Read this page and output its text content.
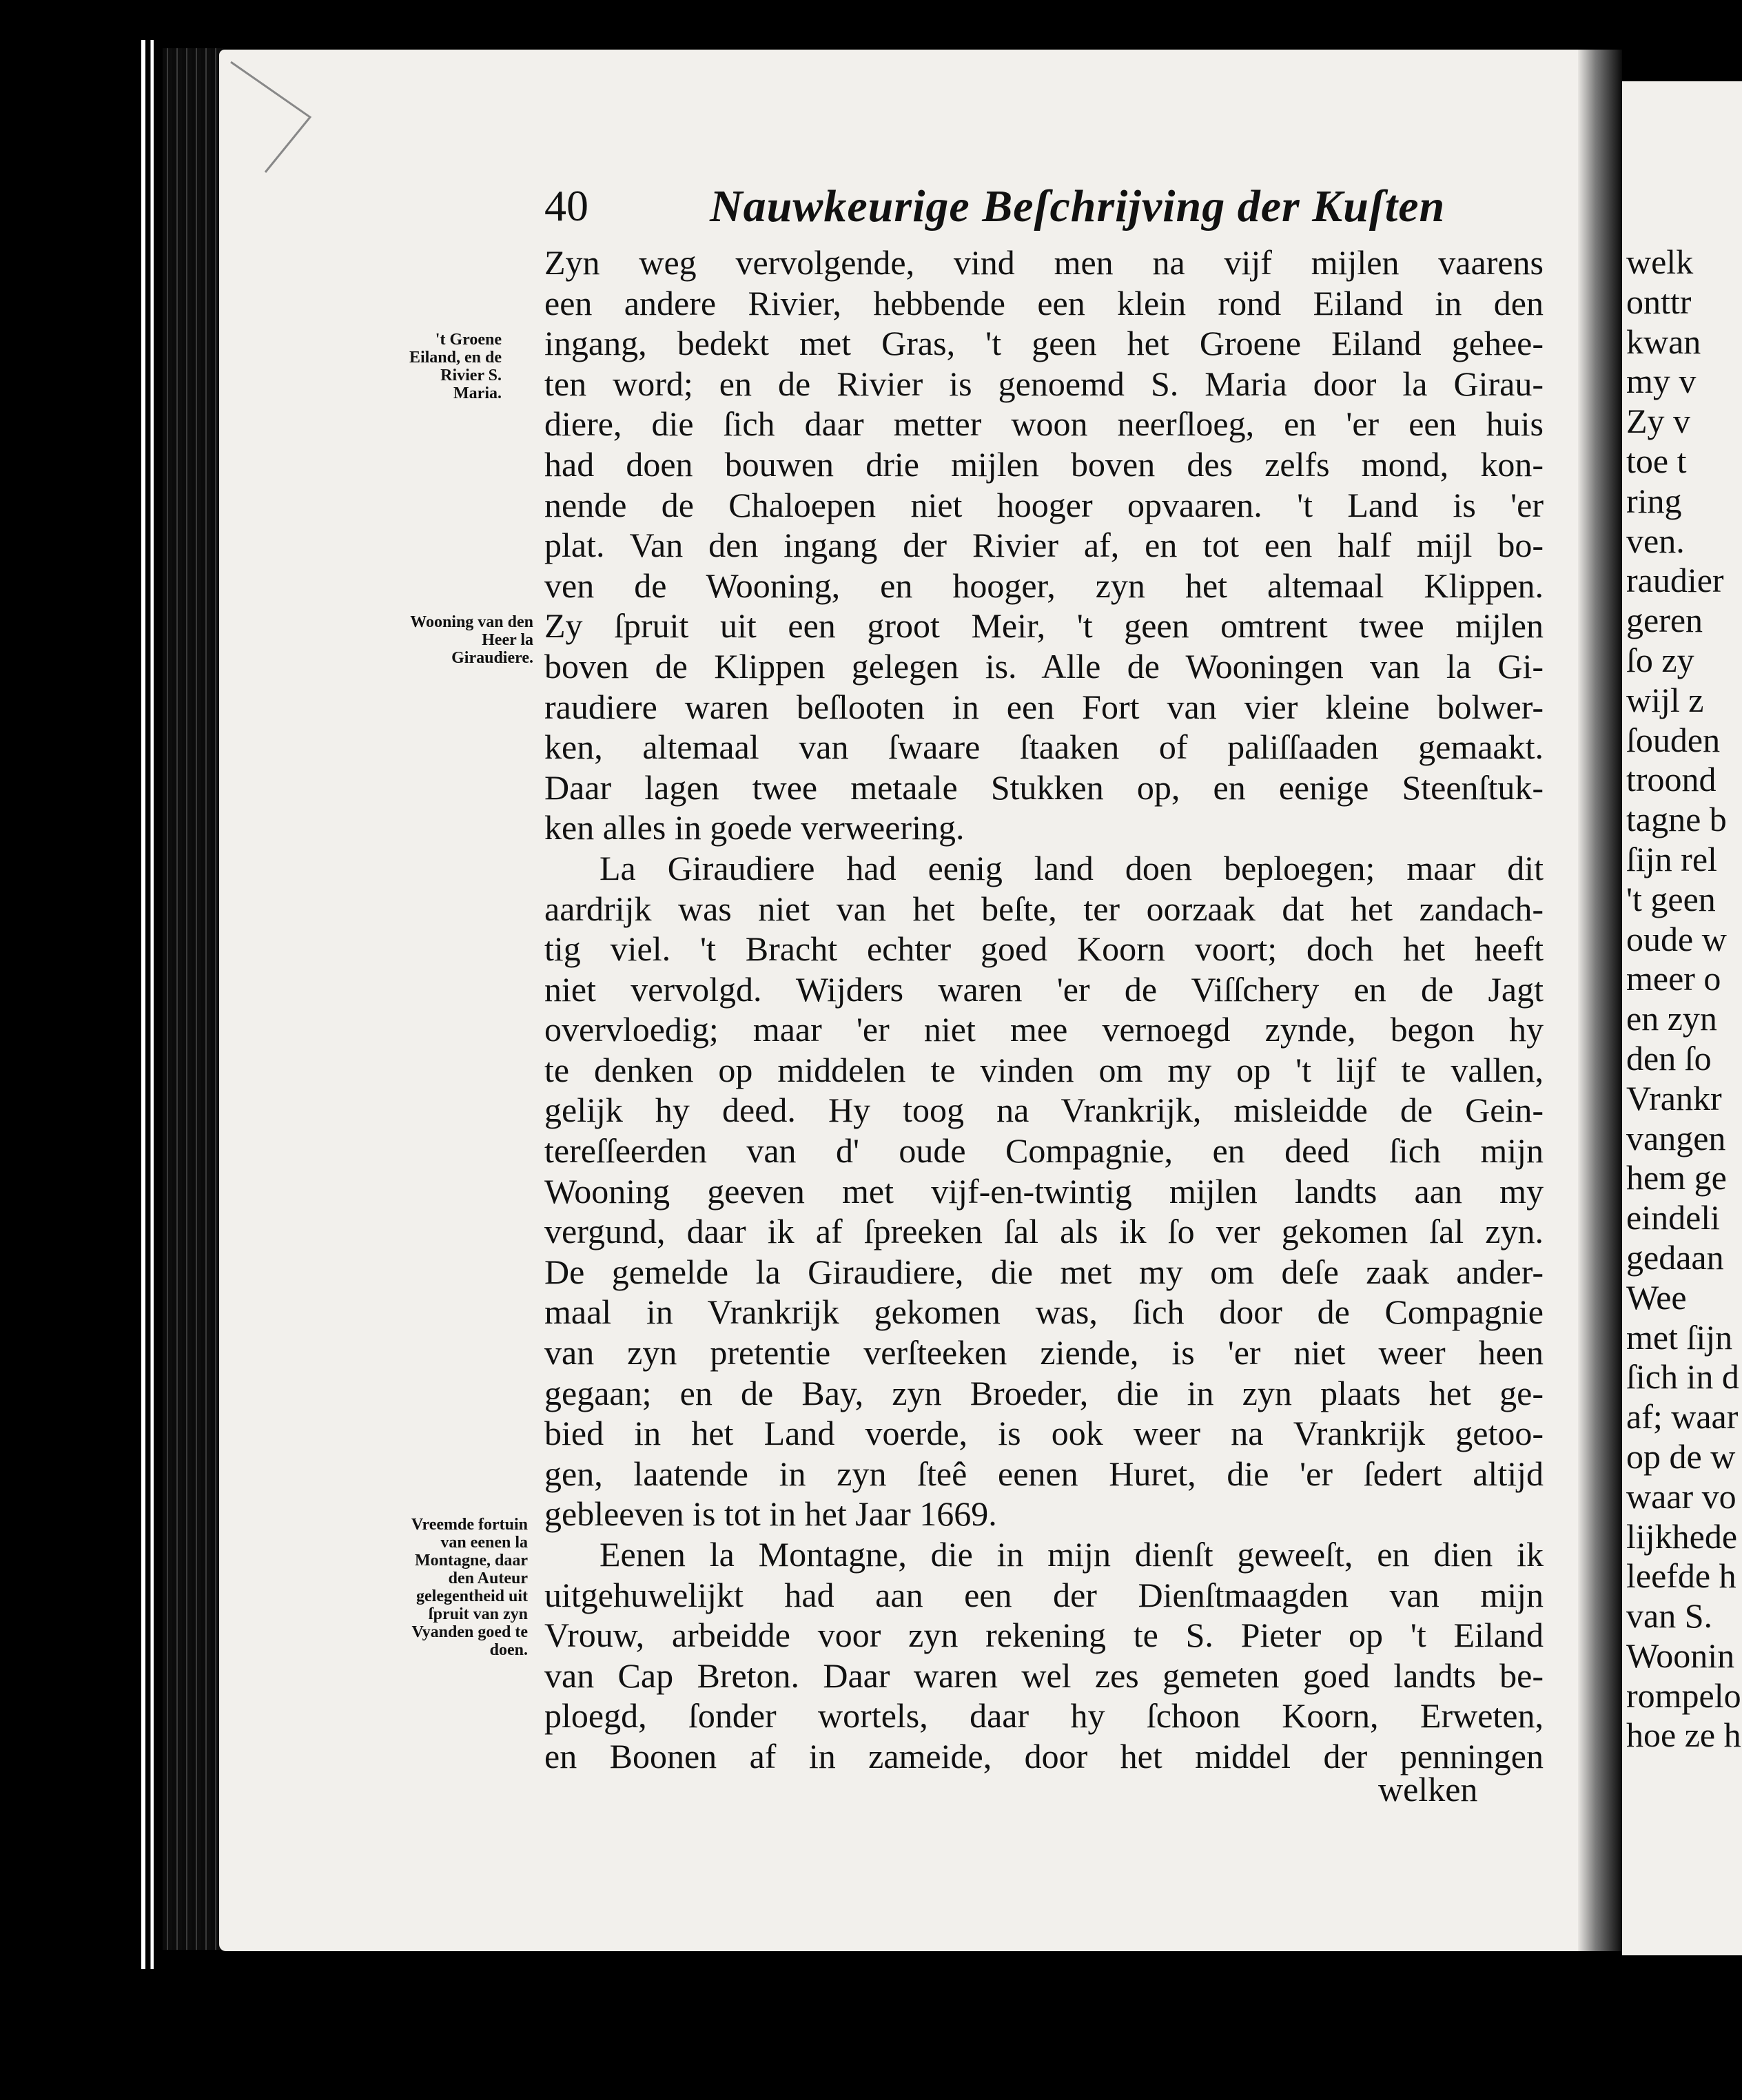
40	Nauwkeurige Beſchrijving der Kuſten
't Groene Eiland, en de Rivier S. Maria.
Wooning van den Heer la Giraudiere.
Vreemde fortuin van eenen la Montagne, daar den Auteur gelegentheid uit ſpruit van zyn Vyanden goed te doen.
Zyn weg vervolgende, vind men na vijf mijlen vaarens
een andere Rivier, hebbende een klein rond Eiland in den
ingang, bedekt met Gras, 't geen het Groene Eiland gehee-
ten word; en de Rivier is genoemd S. Maria door la Girau-
diere, die ſich daar metter woon neerſloeg, en 'er een huis
had doen bouwen drie mijlen boven des zelfs mond, kon-
nende de Chaloepen niet hooger opvaaren. 't Land is 'er
plat. Van den ingang der Rivier af, en tot een half mijl bo-
ven de Wooning, en hooger, zyn het altemaal Klippen.
Zy ſpruit uit een groot Meir, 't geen omtrent twee mijlen
boven de Klippen gelegen is. Alle de Wooningen van la Gi-
raudiere waren beſlooten in een Fort van vier kleine bolwer-
ken, altemaal van ſwaare ſtaaken of paliſſaaden gemaakt.
Daar lagen twee metaale Stukken op, en eenige Steenſtuk-
ken alles in goede verweering.
La Giraudiere had eenig land doen beploegen; maar dit
aardrijk was niet van het beſte, ter oorzaak dat het zandach-
tig viel. 't Bracht echter goed Koorn voort; doch het heeft
niet vervolgd. Wijders waren 'er de Viſſchery en de Jagt
overvloedig; maar 'er niet mee vernoegd zynde, begon hy
te denken op middelen te vinden om my op 't lijf te vallen,
gelijk hy deed. Hy toog na Vrankrijk, misleidde de Gein-
tereſſeerden van d' oude Compagnie, en deed ſich mijn
Wooning geeven met vijf-en-twintig mijlen landts aan my
vergund, daar ik af ſpreeken ſal als ik ſo ver gekomen ſal zyn.
De gemelde la Giraudiere, die met my om deſe zaak ander-
maal in Vrankrijk gekomen was, ſich door de Compagnie
van zyn pretentie verſteeken ziende, is 'er niet weer heen
gegaan; en de Bay, zyn Broeder, die in zyn plaats het ge-
bied in het Land voerde, is ook weer na Vrankrijk getoo-
gen, laatende in zyn ſteê eenen Huret, die 'er ſedert altijd
gebleeven is tot in het Jaar 1669.
Eenen la Montagne, die in mijn dienſt geweeſt, en dien ik
uitgehuwelijkt had aan een der Dienſtmaagden van mijn
Vrouw, arbeidde voor zyn rekening te S. Pieter op 't Eiland
van Cap Breton. Daar waren wel zes gemeten goed landts be-
ploegd, ſonder wortels, daar hy ſchoon Koorn, Erweten,
en Boonen af in zameide, door het middel der penningen
welken
welk
onttr
kwan
my v
Zy v
toe t
ring
ven.
raudier
geren
ſo zy
wijl z
ſouden
troond
tagne b
ſijn rel
't geen
oude w
meer o
en zyn
den ſo
Vrankr
vangen
hem ge
eindeli
gedaan
Wee
met ſijn
ſich in d
af; waar
op de w
waar vo
lijkhede
leefde h
van S.
Woonin
rompelo
hoe ze h
